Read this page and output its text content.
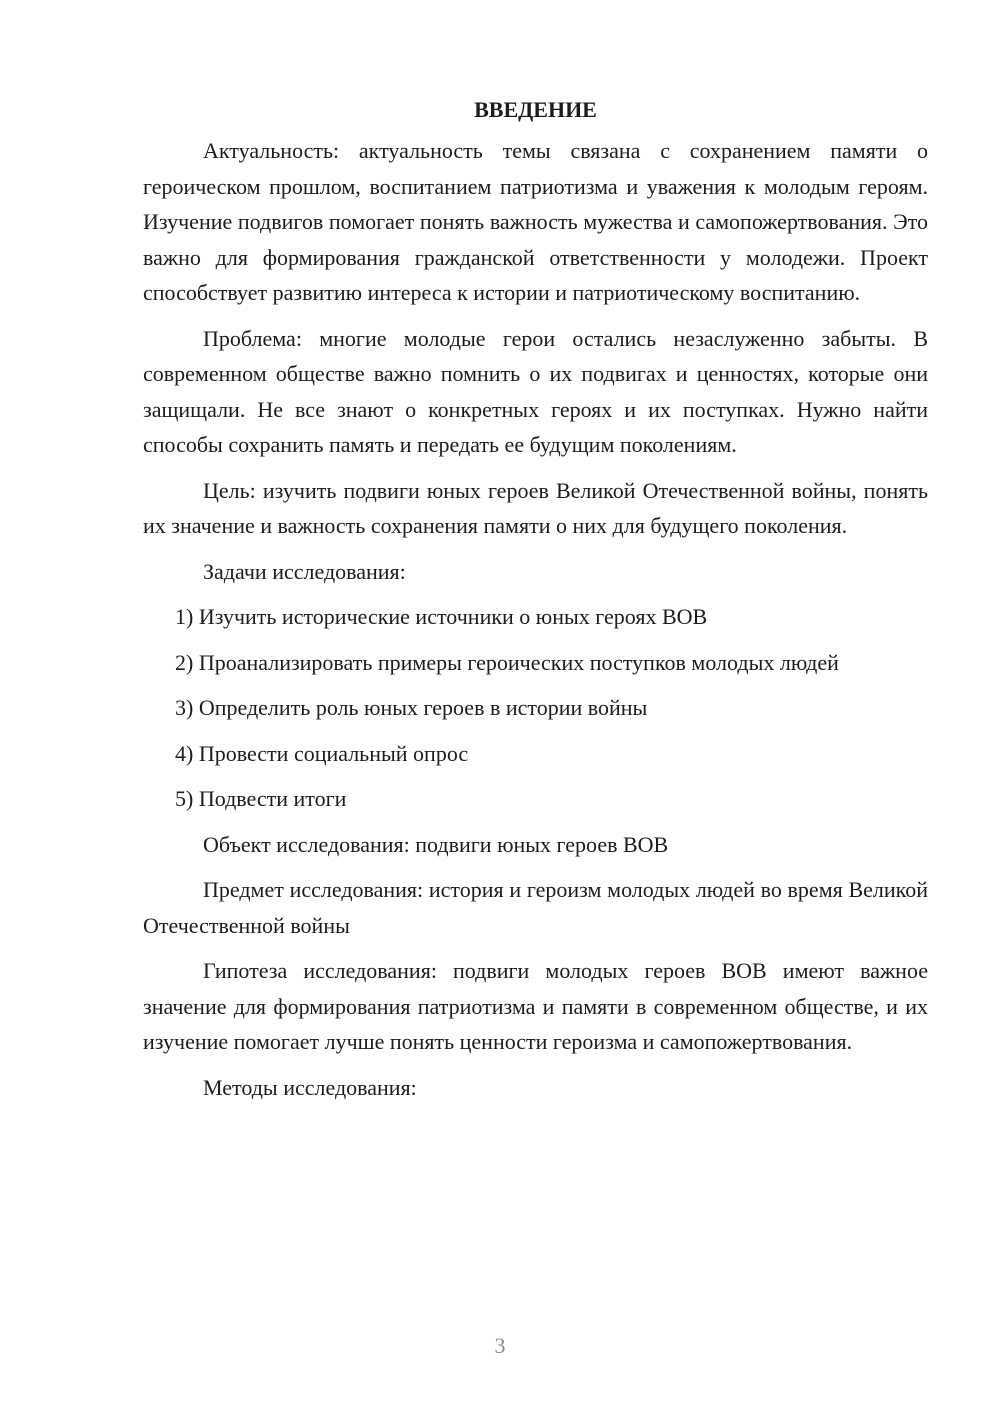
ВВЕДЕНИЕ

Актуальность: актуальность темы связана с сохранением памяти о героическом прошлом, воспитанием патриотизма и уважения к молодым героям. Изучение подвигов помогает понять важность мужества и самопожертвования. Это важно для формирования гражданской ответственности у молодежи. Проект способствует развитию интереса к истории и патриотическому воспитанию.

Проблема: многие молодые герои остались незаслуженно забыты. В современном обществе важно помнить о их подвигах и ценностях, которые они защищали. Не все знают о конкретных героях и их поступках. Нужно найти способы сохранить память и передать ее будущим поколениям.

Цель: изучить подвиги юных героев Великой Отечественной войны, понять их значение и важность сохранения памяти о них для будущего поколения.

Задачи исследования:

1) Изучить исторические источники о юных героях ВОВ

2) Проанализировать примеры героических поступков молодых людей

3) Определить роль юных героев в истории войны

4) Провести социальный опрос

5) Подвести итоги

Объект исследования: подвиги юных героев ВОВ

Предмет исследования: история и героизм молодых людей во время Великой Отечественной войны

Гипотеза исследования: подвиги молодых героев ВОВ имеют важное значение для формирования патриотизма и памяти в современном обществе, и их изучение помогает лучше понять ценности героизма и самопожертвования.

Методы исследования:

3
